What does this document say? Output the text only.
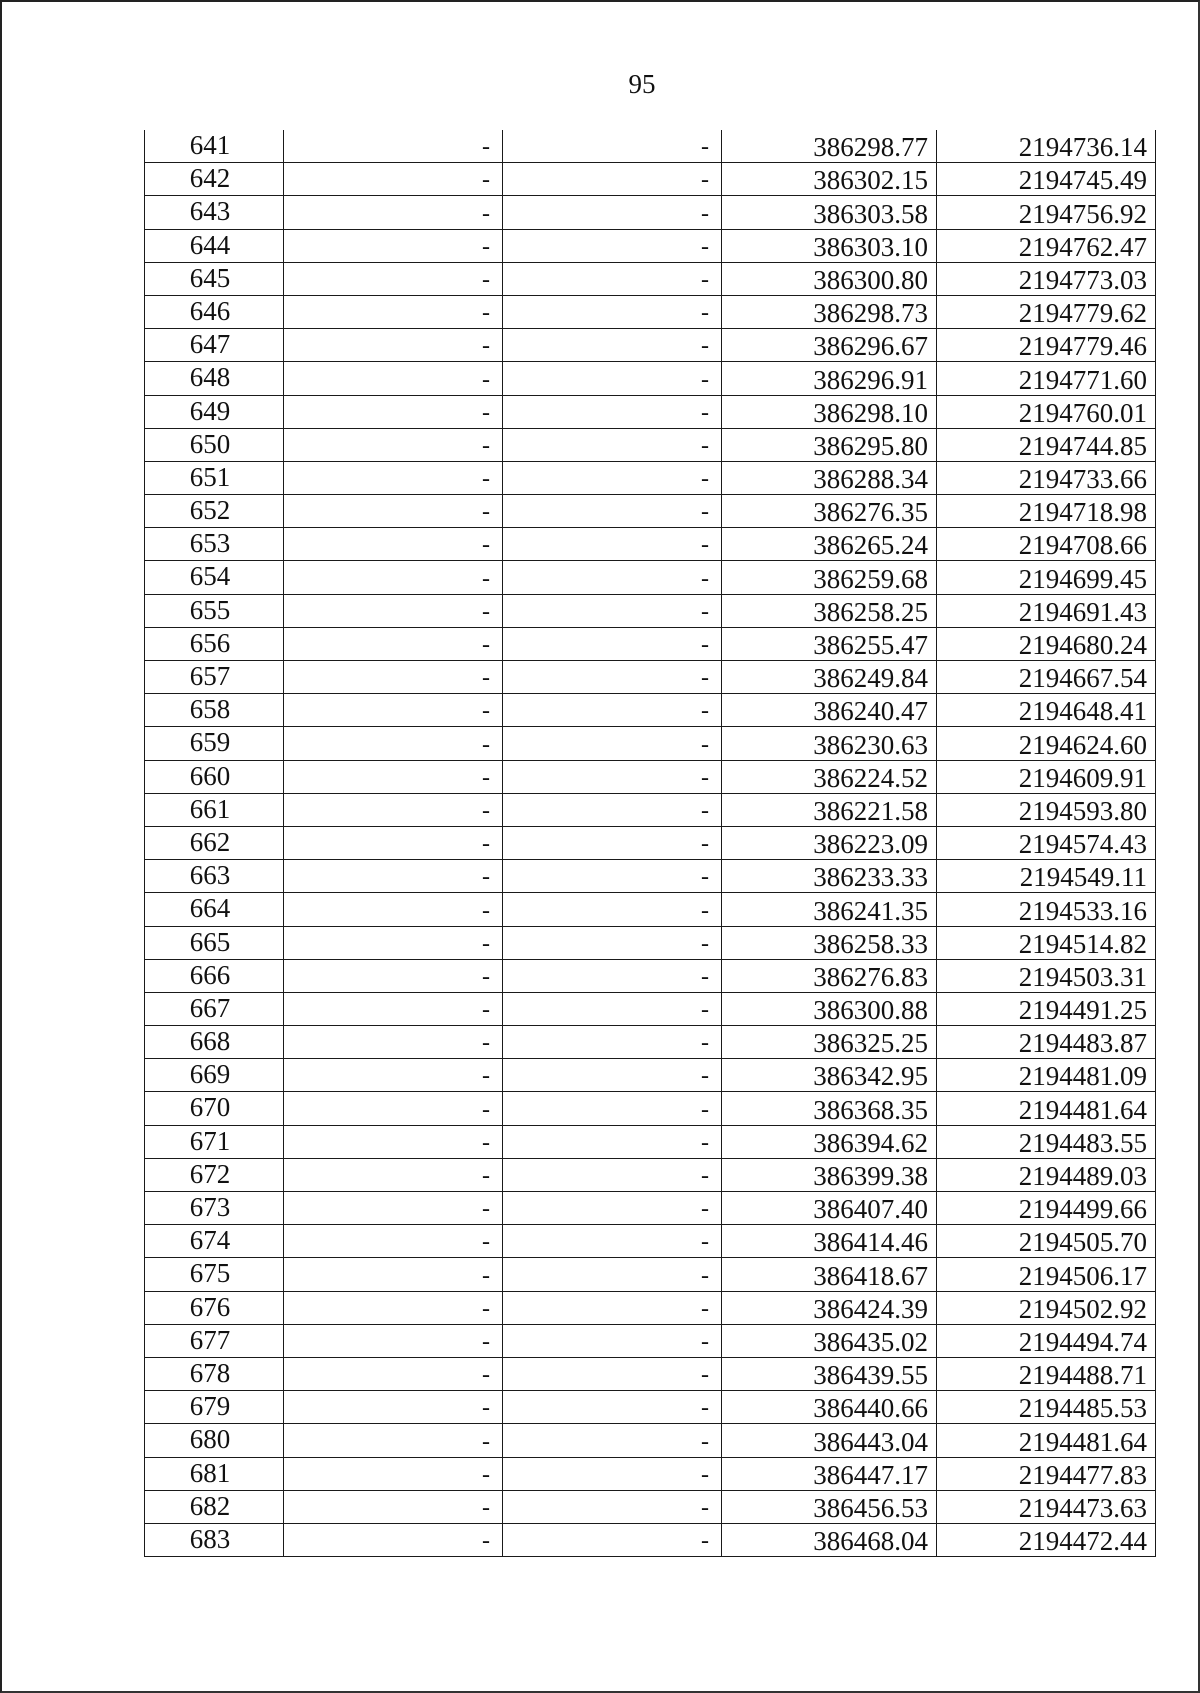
95
641	-	-	386298.77	2194736.14
642	-	-	386302.15	2194745.49
643	-	-	386303.58	2194756.92
644	-	-	386303.10	2194762.47
645	-	-	386300.80	2194773.03
646	-	-	386298.73	2194779.62
647	-	-	386296.67	2194779.46
648	-	-	386296.91	2194771.60
649	-	-	386298.10	2194760.01
650	-	-	386295.80	2194744.85
651	-	-	386288.34	2194733.66
652	-	-	386276.35	2194718.98
653	-	-	386265.24	2194708.66
654	-	-	386259.68	2194699.45
655	-	-	386258.25	2194691.43
656	-	-	386255.47	2194680.24
657	-	-	386249.84	2194667.54
658	-	-	386240.47	2194648.41
659	-	-	386230.63	2194624.60
660	-	-	386224.52	2194609.91
661	-	-	386221.58	2194593.80
662	-	-	386223.09	2194574.43
663	-	-	386233.33	2194549.11
664	-	-	386241.35	2194533.16
665	-	-	386258.33	2194514.82
666	-	-	386276.83	2194503.31
667	-	-	386300.88	2194491.25
668	-	-	386325.25	2194483.87
669	-	-	386342.95	2194481.09
670	-	-	386368.35	2194481.64
671	-	-	386394.62	2194483.55
672	-	-	386399.38	2194489.03
673	-	-	386407.40	2194499.66
674	-	-	386414.46	2194505.70
675	-	-	386418.67	2194506.17
676	-	-	386424.39	2194502.92
677	-	-	386435.02	2194494.74
678	-	-	386439.55	2194488.71
679	-	-	386440.66	2194485.53
680	-	-	386443.04	2194481.64
681	-	-	386447.17	2194477.83
682	-	-	386456.53	2194473.63
683	-	-	386468.04	2194472.44
